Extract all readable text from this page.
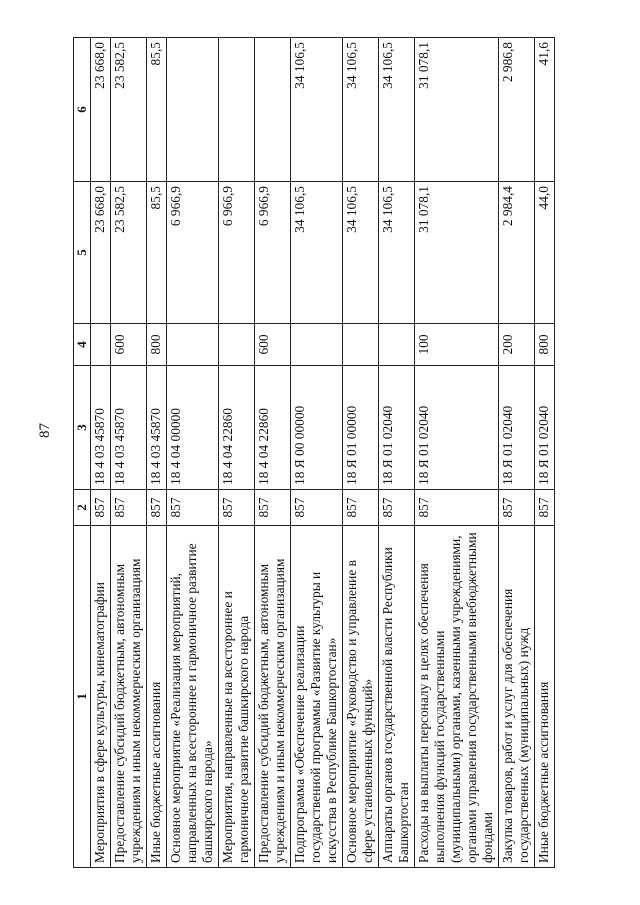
87
1	2	3	4	5	6
Мероприятия в сфере культуры, кинематографии	857	18 4 03 45870		23 668,0	23 668,0
Предоставление субсидий бюджетным, автономным учреждениям и иным некоммерческим организациям	857	18 4 03 45870	600	23 582,5	23 582,5
Иные бюджетные ассигнования	857	18 4 03 45870	800	85,5	85,5
Основное мероприятие «Реализация мероприятий, направленных на всестороннее и гармоничное развитие башкирского народа»	857	18 4 04 00000		6 966,9	
Мероприятия, направленные на всестороннее и гармоничное развитие башкирского народа	857	18 4 04 22860		6 966,9	
Предоставление субсидий бюджетным, автономным учреждениям и иным некоммерческим организациям	857	18 4 04 22860	600	6 966,9	
Подпрограмма «Обеспечение реализации государственной программы «Развитие культуры и искусства в Республике Башкортостан»	857	18 Я 00 00000		34 106,5	34 106,5
Основное мероприятие «Руководство и управление в сфере установленных функций»	857	18 Я 01 00000		34 106,5	34 106,5
Аппараты органов государственной власти Республики Башкортостан	857	18 Я 01 02040		34 106,5	34 106,5
Расходы на выплаты персоналу в целях обеспечения выполнения функций государственными (муниципальными) органами, казенными учреждениями, органами управления государственными внебюджетными фондами	857	18 Я 01 02040	100	31 078,1	31 078,1
Закупка товаров, работ и услуг для обеспечения государственных (муниципальных) нужд	857	18 Я 01 02040	200	2 984,4	2 986,8
Иные бюджетные ассигнования	857	18 Я 01 02040	800	44,0	41,6
